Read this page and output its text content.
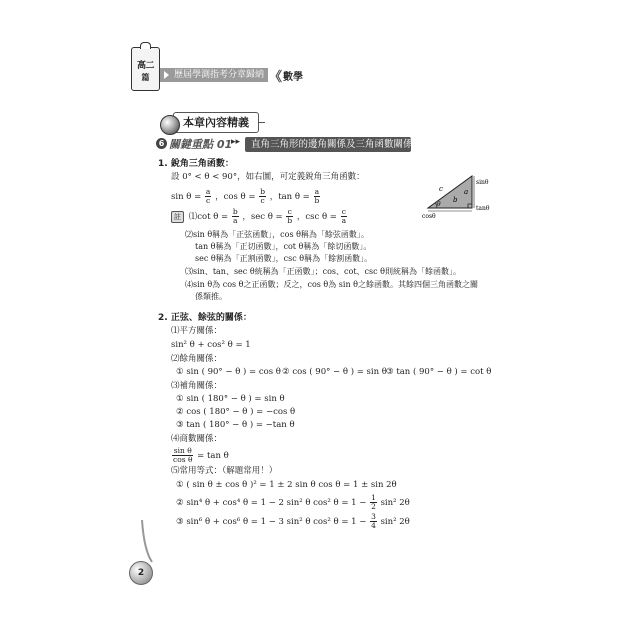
高二
篇	歷屆學測指考分章歸納 《 數學
本章內容精義
6 關鍵重點 01
▸▸	直角三角形的邊角關係及三角函數關係
c
b
a
θ
sinθ
tanθ
cosθ
1. 銳角三角函數：
設 0° < θ < 90°，如右圖，可定義銳角三角函數：
$\sin \theta = \frac{a}{c}$ ，$\cos \theta = \frac{b}{c}$ ，$\tan \theta = \frac{a}{b}$
註 ⑴cot $\theta = \frac{b}{a}$ ，$\sec \theta = \frac{c}{b}$ ，$\csc \theta = \frac{c}{a}$
⑵sin θ稱為「正弦函數」，cos θ稱為「餘弦函數」。
tan θ稱為「正切函數」，cot θ稱為「餘切函數」。
sec θ稱為「正割函數」，csc θ稱為「餘割函數」。
⑶sin、tan、sec θ統稱為「正函數」；cos、cot、csc θ則統稱為「餘函數」。
⑷sin θ為 cos θ之正函數；反之，cos θ為 sin θ之餘函數。其餘四個三角函數之關
係類推。
2. 正弦、餘弦的關係：
⑴平方關係：
sin² θ + cos² θ = 1
⑵餘角關係：
① sin ( 90° − θ ) = cos θ ② cos ( 90° − θ ) = sin θ ③ tan ( 90° − θ ) = cot θ
⑶補角關係：
① sin ( 180° − θ ) = sin θ
② cos ( 180° − θ ) = −cos θ
③ tan ( 180° − θ ) = −tan θ
⑷商數關係：
$\frac{\text{sin θ}}{\text{cos θ}} = \tan \theta$
⑸常用等式：（解題常用！）
① ( sin θ ± cos θ )² = 1 ± 2 sin θ cos θ = 1 ± sin 2θ
② sin⁴ θ + cos⁴ θ = 1 − 2 sin² θ cos² $\theta = 1 - \frac{1}{2} \sin^2$ 2θ
③ sin⁶ θ + cos⁶ θ = 1 − 3 sin² θ cos² $\theta = 1 - \frac{3}{4} \sin^2$ 2θ
2
